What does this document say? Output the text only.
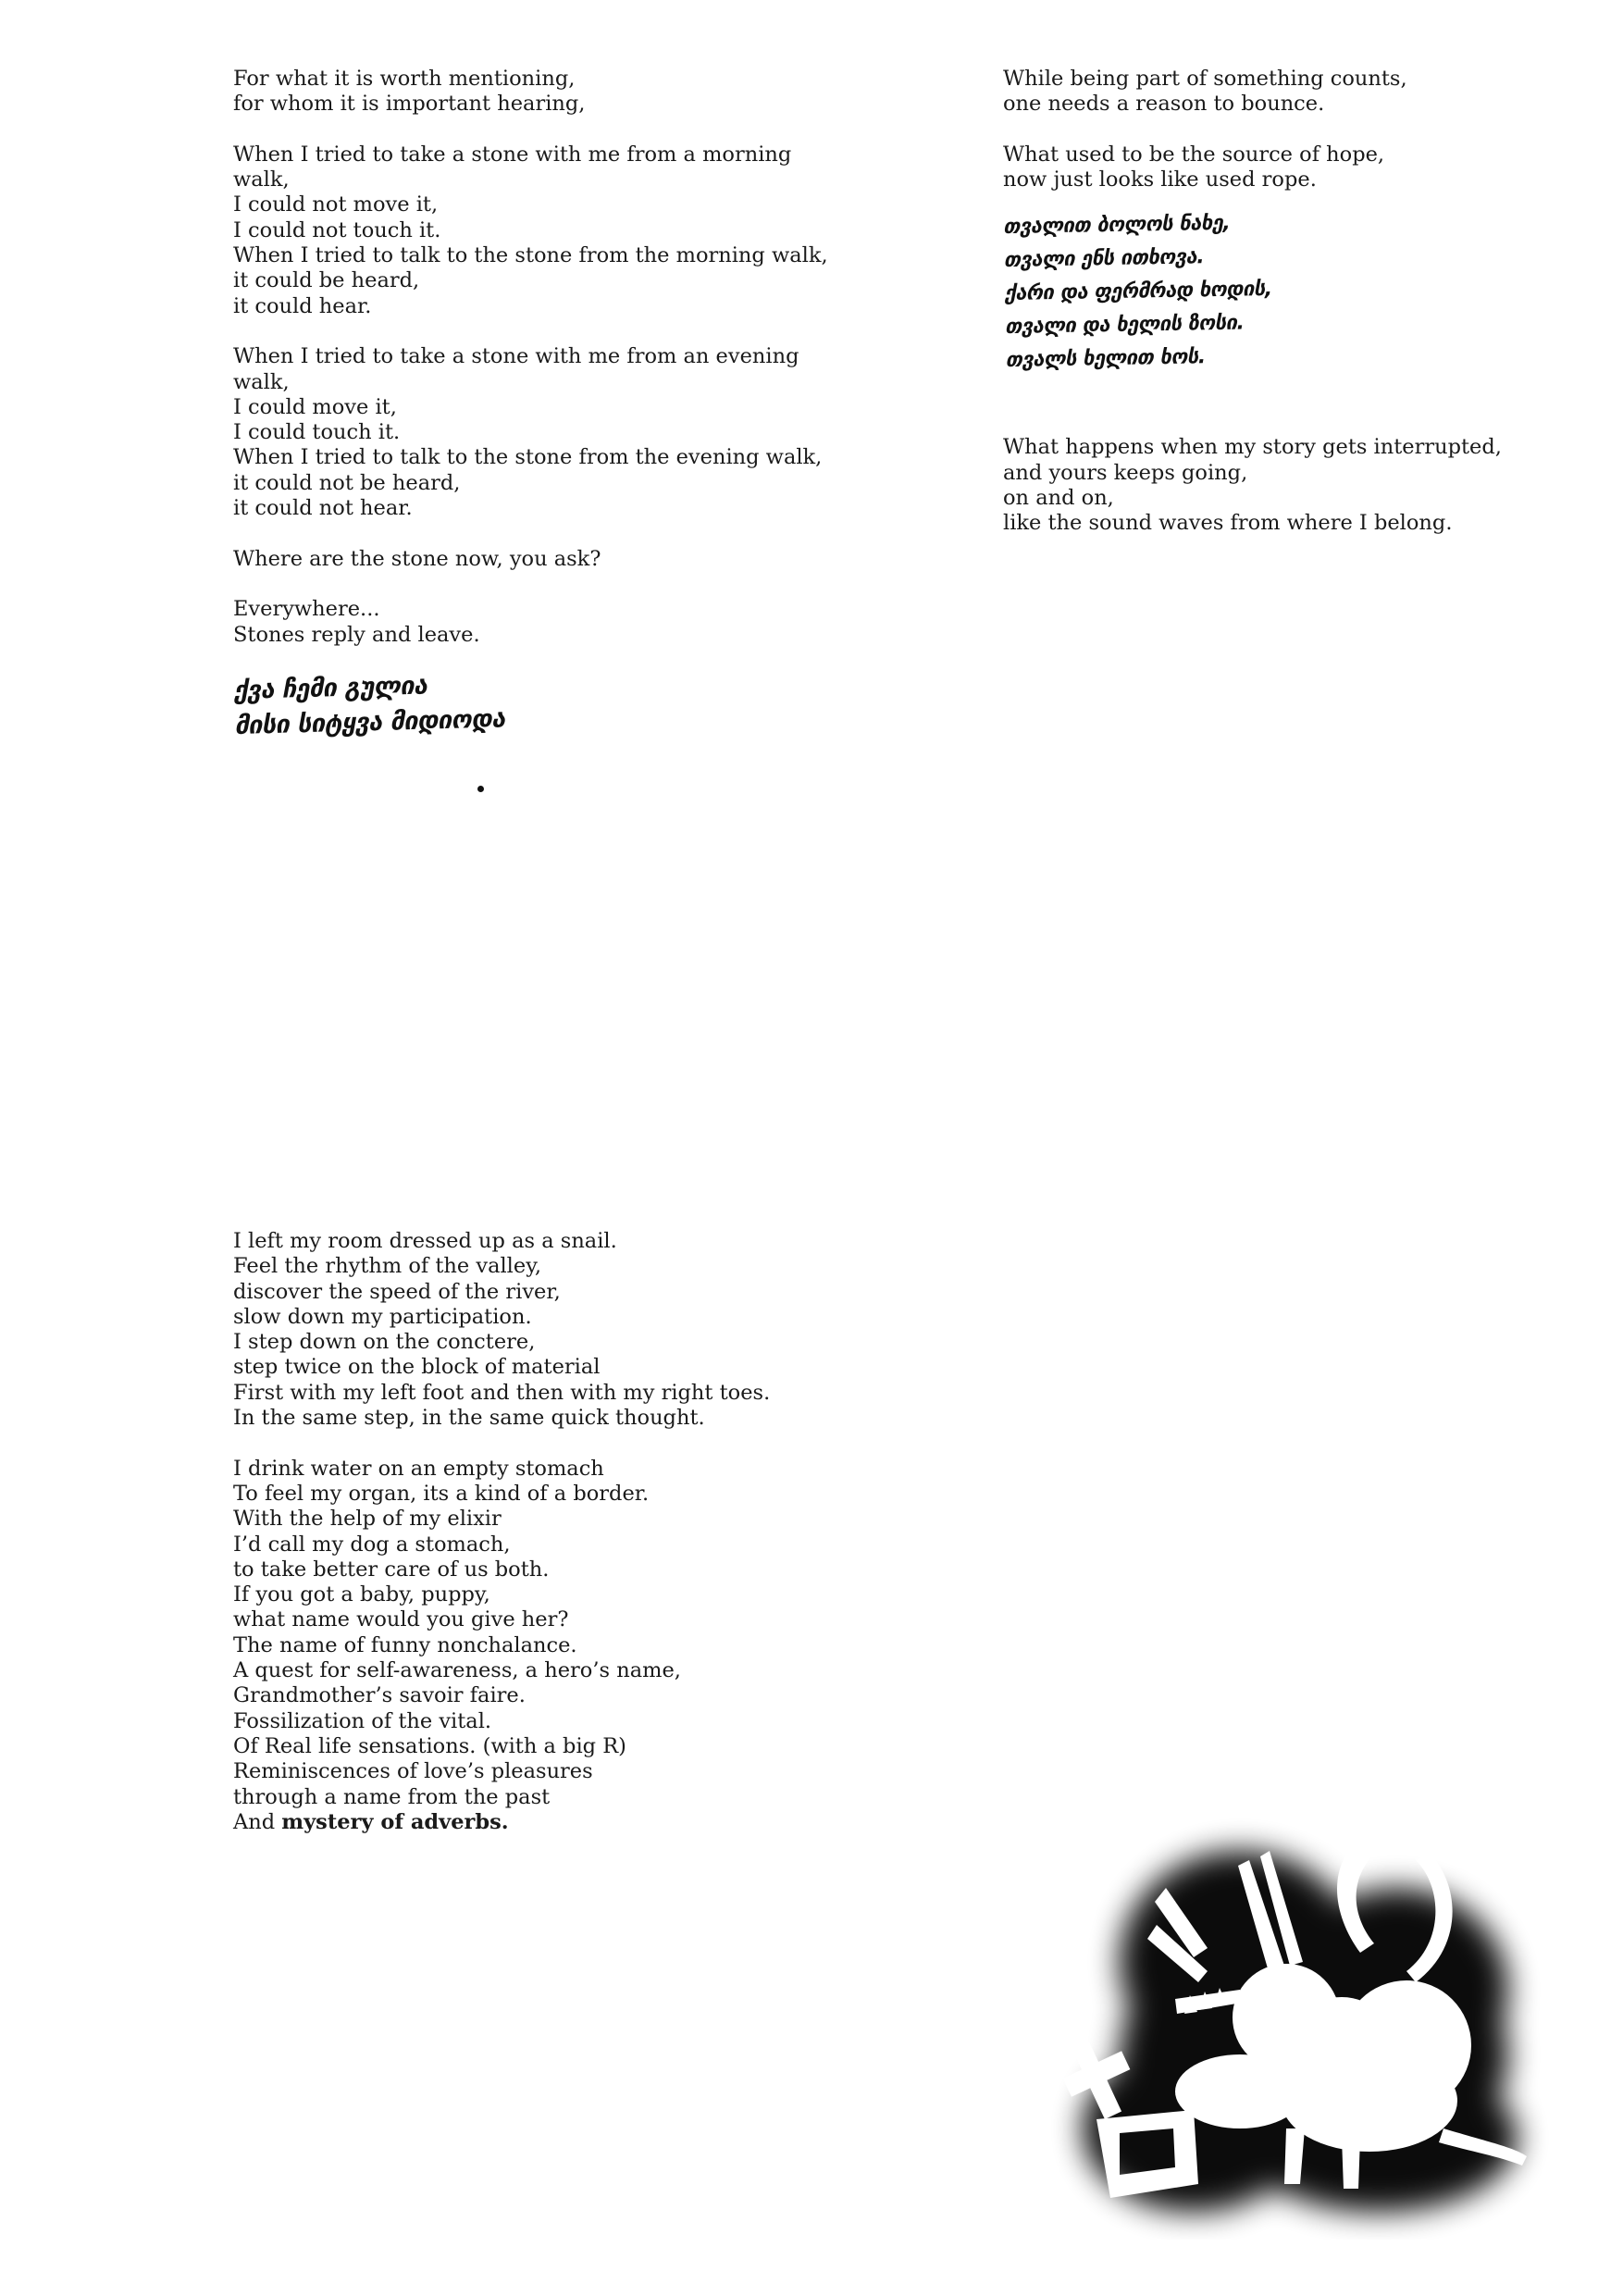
For what it is worth mentioning,
for whom it is important hearing,
When I tried to take a stone with me from a morning
walk,
I could not move it,
I could not touch it.
When I tried to talk to the stone from the morning walk,
it could be heard,
it could hear.
When I tried to take a stone with me from an evening
walk,
I could move it,
I could touch it.
When I tried to talk to the stone from the evening walk,
it could not be heard,
it could not hear.
Where are the stone now, you ask?
Everywhere...
Stones reply and leave.
ქვა ჩემი გულია
მისი სიტყვა მიდიოდა
While being part of something counts,
one needs a reason to bounce.
What used to be the source of hope,
now just looks like used rope.
What happens when my story gets interrupted,
and yours keeps going,
on and on,
like the sound waves from where I belong.
თვალით ბოლოს ნახე,
თვალი ენს ითხოვა.
ქარი და ფერმრად ხოდის,
თვალი და ხელის ზოსი.
თვალს ხელით ხოს.
I left my room dressed up as a snail.
Feel the rhythm of the valley,
discover the speed of the river,
slow down my participation.
I step down on the conctere,
step twice on the block of material
First with my left foot and then with my right toes.
In the same step, in the same quick thought.
I drink water on an empty stomach
To feel my organ, its a kind of a border.
With the help of my elixir
I’d call my dog a stomach,
to take better care of us both.
If you got a baby, puppy,
what name would you give her?
The name of funny nonchalance.
A quest for self-awareness, a hero’s name,
Grandmother’s savoir faire.
Fossilization of the vital.
Of Real life sensations. (with a big R)
Reminiscences of love’s pleasures
through a name from the past
And mystery of adverbs.
